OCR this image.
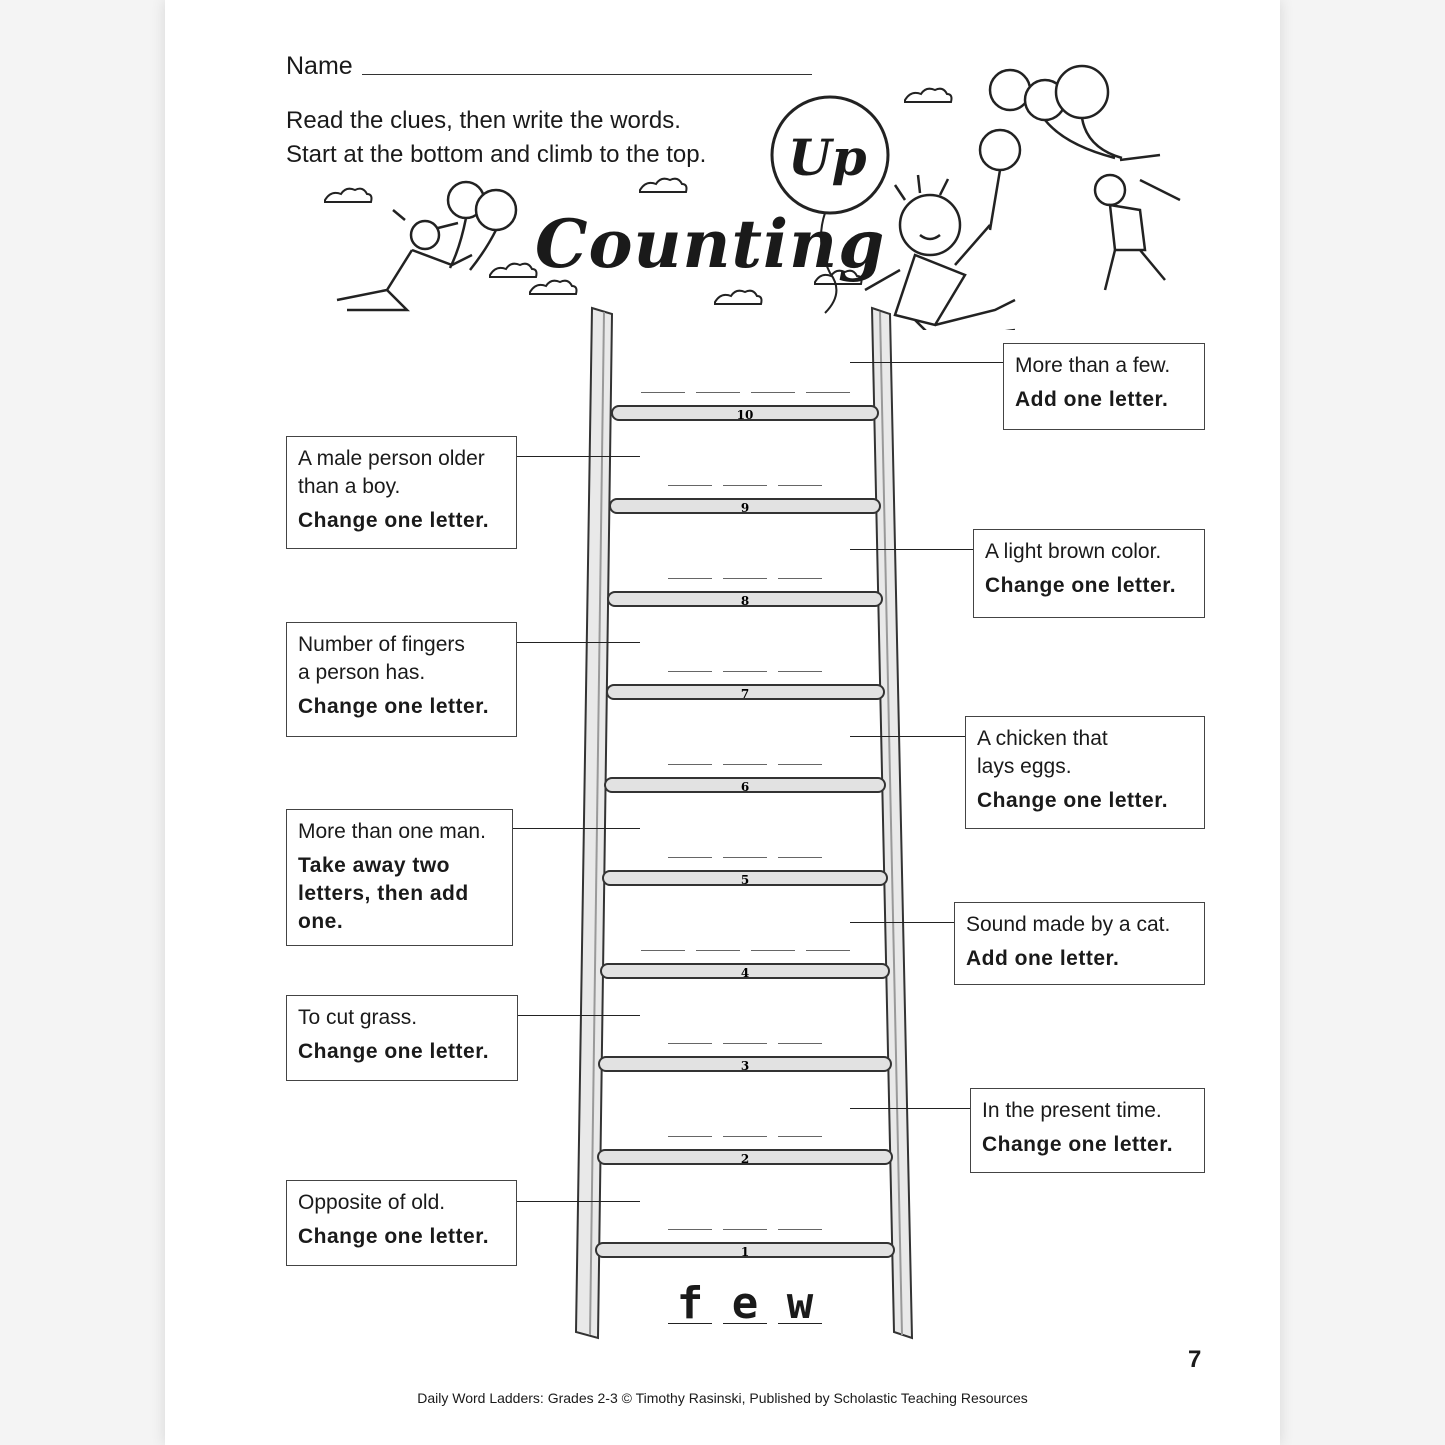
Name
Read the clues, then write the words.
Start at the bottom and climb to the top. Up
Counting
10
9
8
7
6
5
4
3
2
1
f e w
More than a few.
Add one letter.
A male person older
than a boy.
Change one letter.
A light brown color.
Change one letter.
Number of fingers
a person has.
Change one letter.
A chicken that
lays eggs.
Change one letter.
More than one man.
Take away two
letters, then add
one.	Sound made by a cat.
Add one letter.
To cut grass.
Change one letter.
In the present time.
Change one letter.
Opposite of old.
Change one letter.
7
Daily Word Ladders: Grades 2-3 © Timothy Rasinski, Published by Scholastic Teaching Resources
